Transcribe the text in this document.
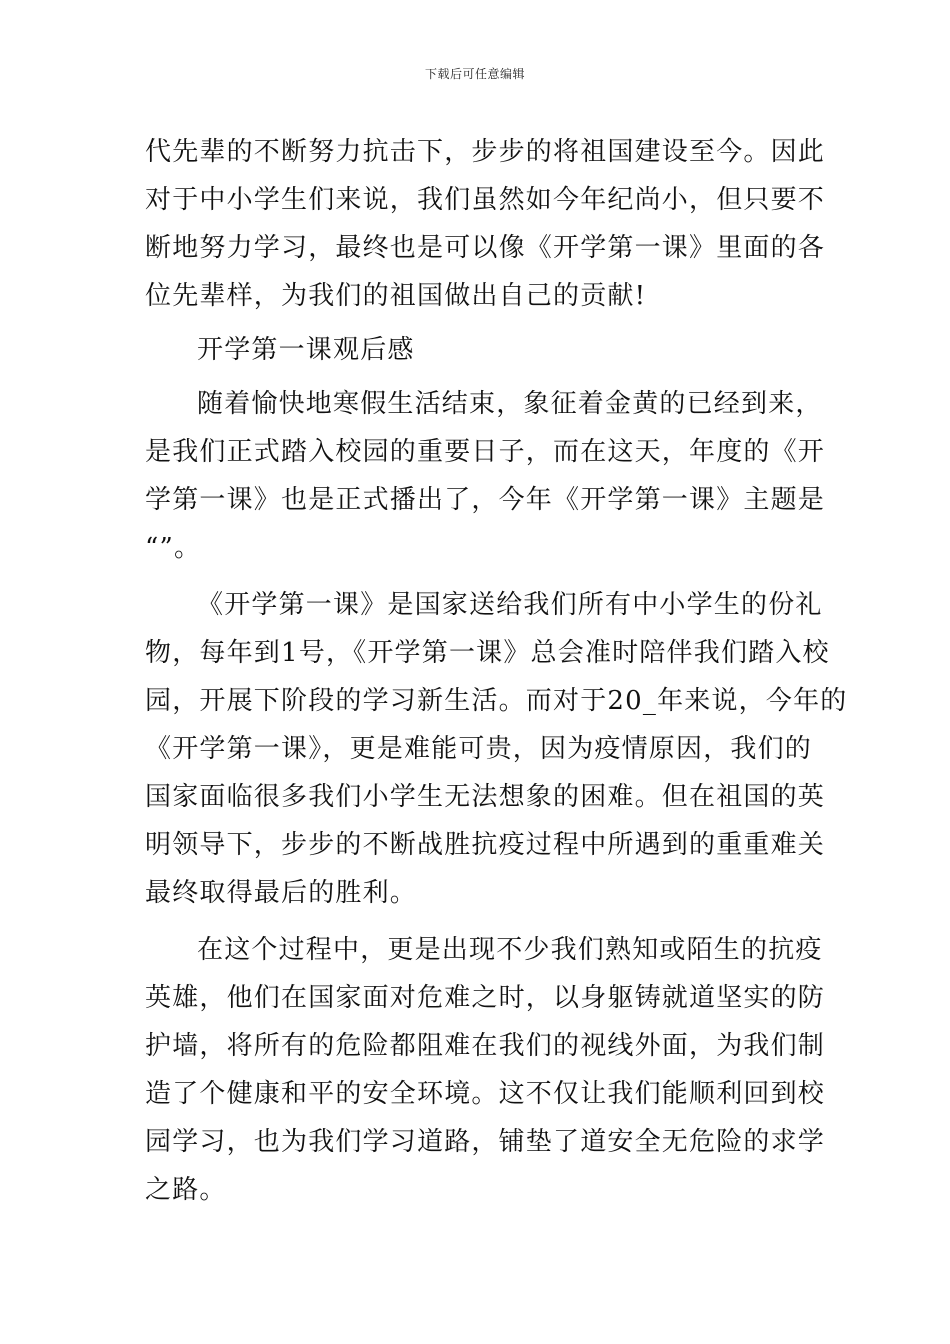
下载后可任意编辑
代先辈的不断努力抗击下，步步的将祖国建设至今。因此
对于中小学生们来说，我们虽然如今年纪尚小，但只要不
断地努力学习，最终也是可以像《开学第一课》里面的各
位先辈样，为我们的祖国做出自己的贡献!
开学第一课观后感
随着愉快地寒假生活结束，象征着金黄的已经到来，
是我们正式踏入校园的重要日子，而在这天，年度的《开
学第一课》也是正式播出了，今年《开学第一课》主题是
“”。
《开学第一课》是国家送给我们所有中小学生的份礼
物，每年到1号，《开学第一课》总会准时陪伴我们踏入校
园，开展下阶段的学习新生活。而对于20_年来说，今年的
《开学第一课》，更是难能可贵，因为疫情原因，我们的
国家面临很多我们小学生无法想象的困难。但在祖国的英
明领导下，步步的不断战胜抗疫过程中所遇到的重重难关
最终取得最后的胜利。
在这个过程中，更是出现不少我们熟知或陌生的抗疫
英雄，他们在国家面对危难之时，以身躯铸就道坚实的防
护墙，将所有的危险都阻难在我们的视线外面，为我们制
造了个健康和平的安全环境。这不仅让我们能顺利回到校
园学习，也为我们学习道路，铺垫了道安全无危险的求学
之路。
